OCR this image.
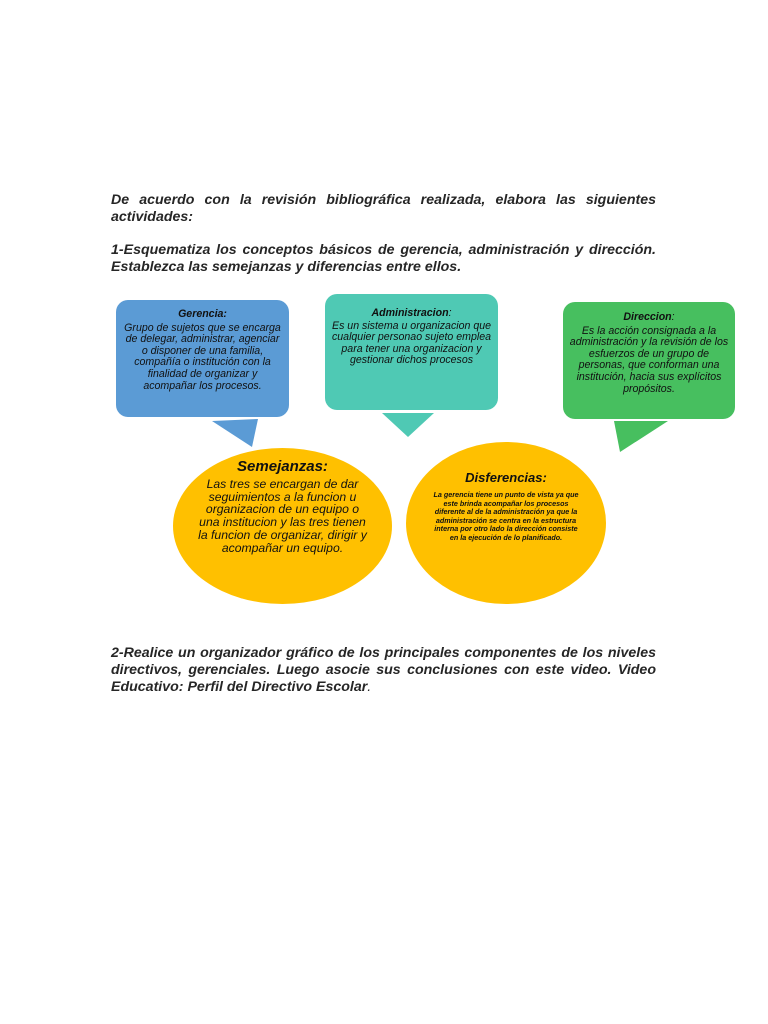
De acuerdo con la revisión bibliográfica realizada, elabora las siguientes actividades:
1-Esquematiza los conceptos básicos de gerencia, administración y dirección. Establezca las semejanzas y diferencias entre ellos.
Gerencia:
Grupo de sujetos que se encarga de delegar, administrar, agenciar o disponer de una familia, compañía o institución con la finalidad de organizar y acompañar los procesos.
Administracion:
Es un sistema u organizacion que cualquier personao sujeto emplea para tener una organizacion y gestionar dichos procesos
Direccion:
Es la acción consignada a la administración y la revisión de los esfuerzos de un grupo de personas, que conforman una institución, hacia sus explícitos propósitos.
Semejanzas:
Las tres se encargan de dar seguimientos a la funcion u organizacion de un equipo o una institucion y las tres tienen la funcion de organizar, dirigir y acompañar un equipo.
Disferencias:
La gerencia tiene un punto de vista ya que este brinda acompañar los procesos diferente al de la administración ya que la administración se centra en la estructura interna por otro lado la dirección consiste en la ejecución de lo planificado.
2-Realice un organizador gráfico de los principales componentes de los niveles directivos, gerenciales. Luego asocie sus conclusiones con este video. Video Educativo: Perfil del Directivo Escolar.
